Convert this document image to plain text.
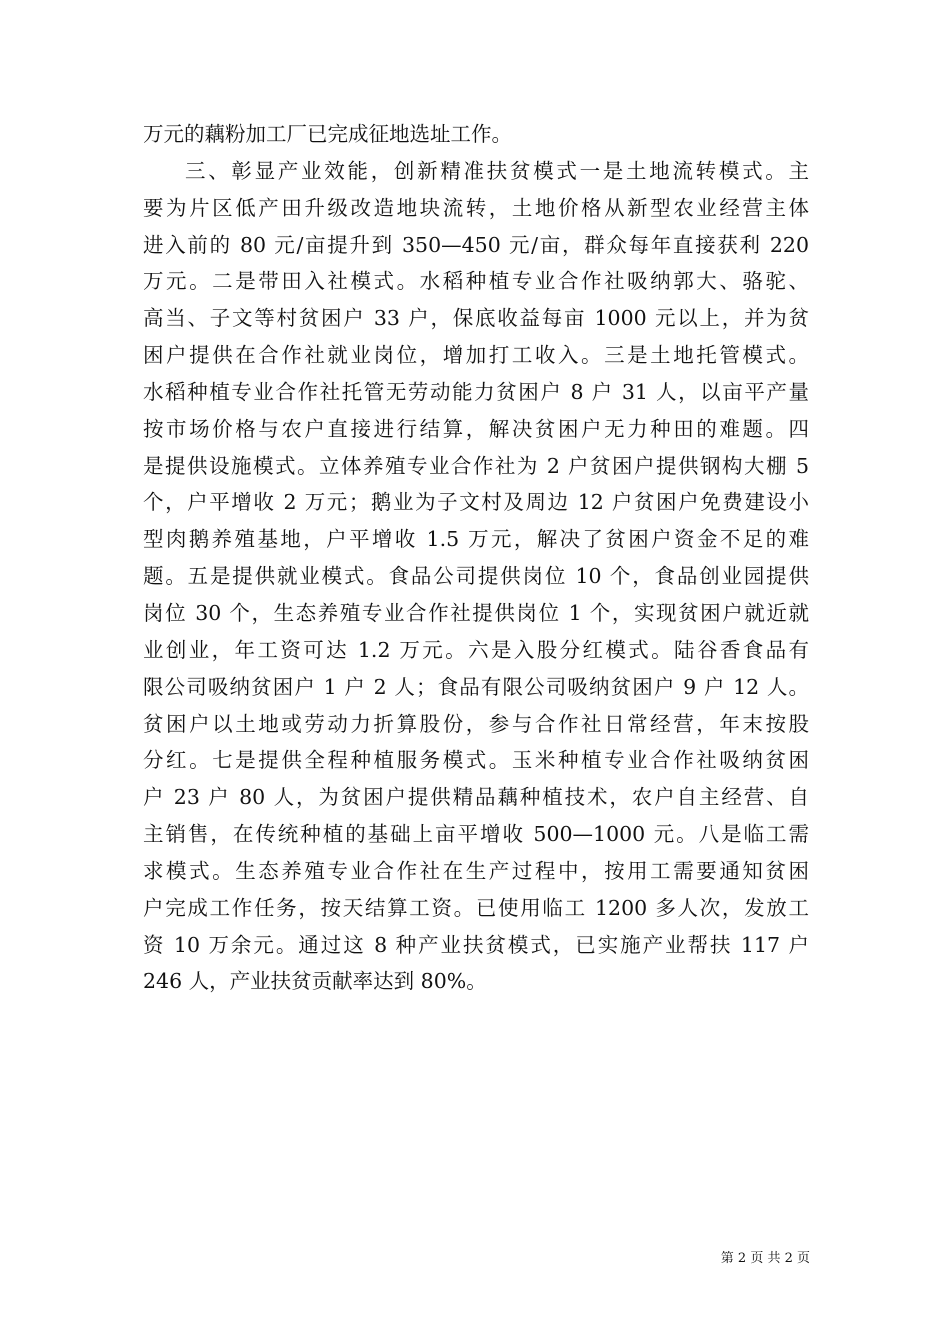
万元的藕粉加工厂已完成征地选址工作。
三、彰显产业效能，创新精准扶贫模式一是土地流转模式。主
要为片区低产田升级改造地块流转，土地价格从新型农业经营主体
进入前的 80 元/亩提升到 350—450 元/亩，群众每年直接获利 220
万元。二是带田入社模式。水稻种植专业合作社吸纳郭大、骆驼、
高当、子文等村贫困户 33 户，保底收益每亩 1000 元以上，并为贫
困户提供在合作社就业岗位，增加打工收入。三是土地托管模式。
水稻种植专业合作社托管无劳动能力贫困户 8 户 31 人，以亩平产量
按市场价格与农户直接进行结算，解决贫困户无力种田的难题。四
是提供设施模式。立体养殖专业合作社为 2 户贫困户提供钢构大棚 5
个，户平增收 2 万元；鹅业为子文村及周边 12 户贫困户免费建设小
型肉鹅养殖基地，户平增收 1.5 万元，解决了贫困户资金不足的难
题。五是提供就业模式。食品公司提供岗位 10 个，食品创业园提供
岗位 30 个，生态养殖专业合作社提供岗位 1 个，实现贫困户就近就
业创业，年工资可达 1.2 万元。六是入股分红模式。陆谷香食品有
限公司吸纳贫困户 1 户 2 人；食品有限公司吸纳贫困户 9 户 12 人。
贫困户以土地或劳动力折算股份，参与合作社日常经营，年末按股
分红。七是提供全程种植服务模式。玉米种植专业合作社吸纳贫困
户 23 户 80 人，为贫困户提供精品藕种植技术，农户自主经营、自
主销售，在传统种植的基础上亩平增收 500—1000 元。八是临工需
求模式。生态养殖专业合作社在生产过程中，按用工需要通知贫困
户完成工作任务，按天结算工资。已使用临工 1200 多人次，发放工
资 10 万余元。通过这 8 种产业扶贫模式，已实施产业帮扶 117 户
246 人，产业扶贫贡献率达到 80%。
第 2 页 共 2 页
